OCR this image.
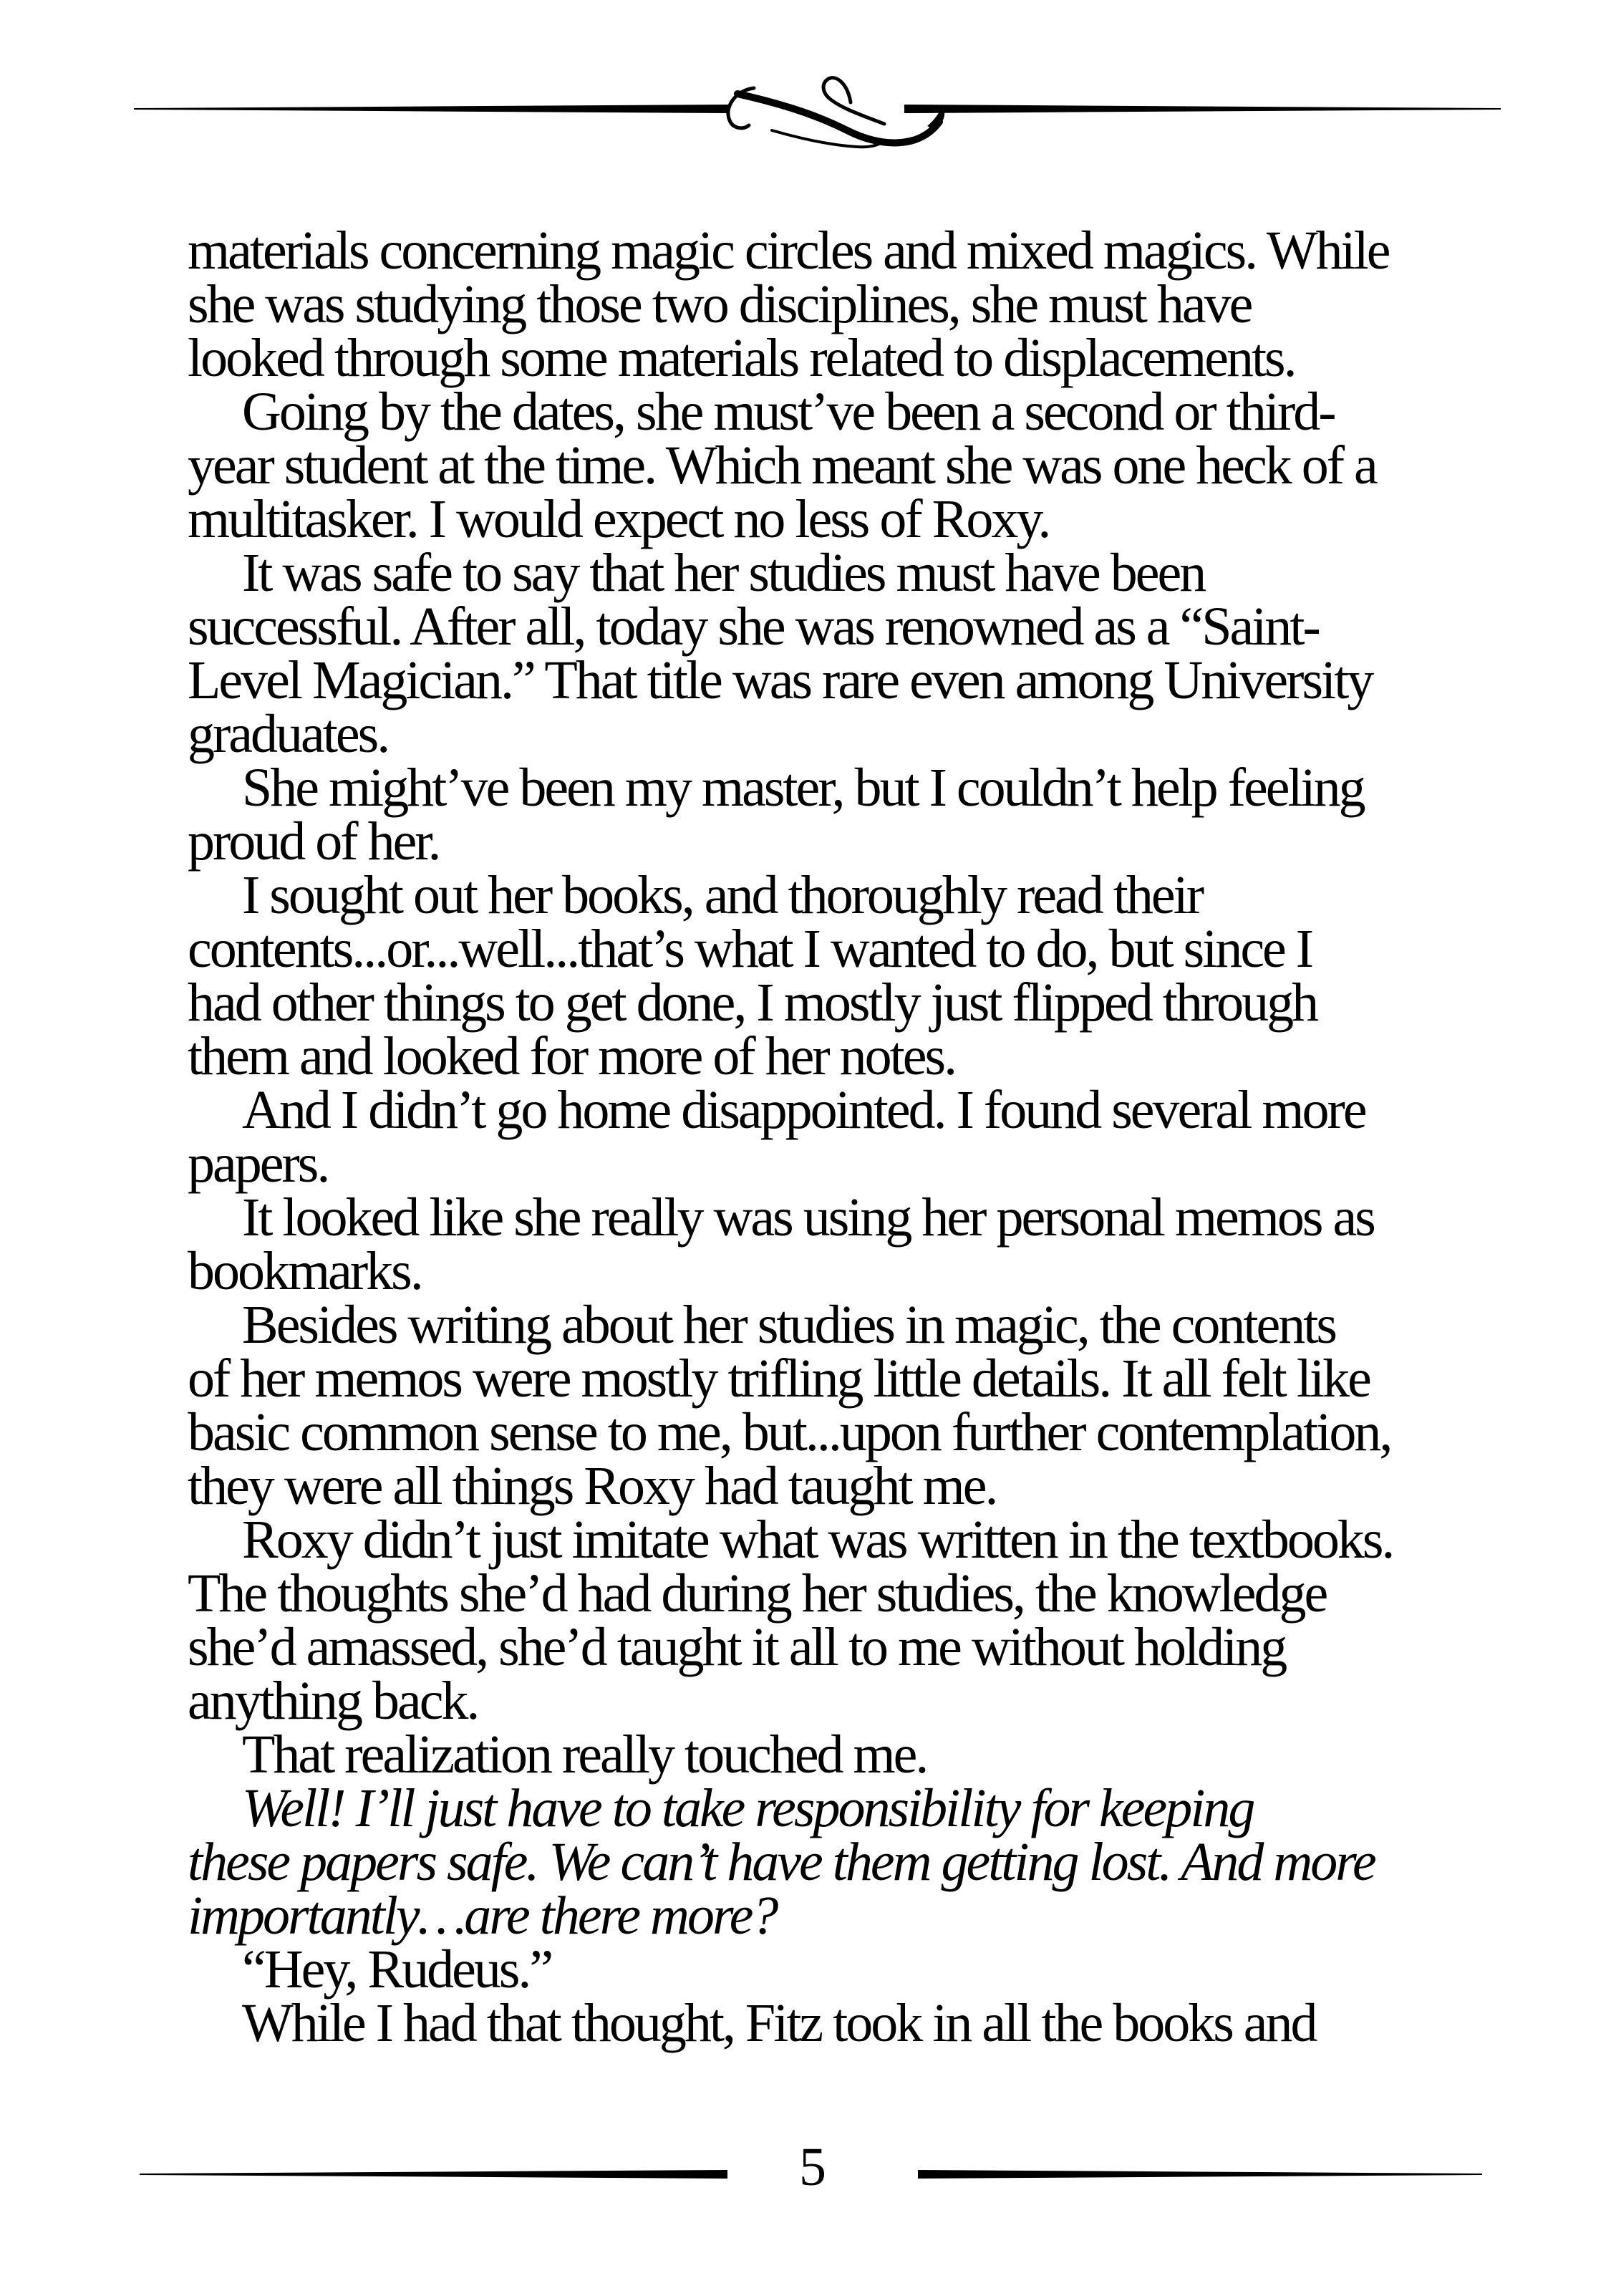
materials concerning magic circles and mixed magics. While
she was studying those two disciplines, she must have
looked through some materials related to displacements.
Going by the dates, she must’ve been a second or third-
year student at the time. Which meant she was one heck of a
multitasker. I would expect no less of Roxy.
It was safe to say that her studies must have been
successful. After all, today she was renowned as a “Saint-
Level Magician.” That title was rare even among University
graduates.
She might’ve been my master, but I couldn’t help feeling
proud of her.
I sought out her books, and thoroughly read their
contents...or...well...that’s what I wanted to do, but since I
had other things to get done, I mostly just flipped through
them and looked for more of her notes.
And I didn’t go home disappointed. I found several more
papers.
It looked like she really was using her personal memos as
bookmarks.
Besides writing about her studies in magic, the contents
of her memos were mostly trifling little details. It all felt like
basic common sense to me, but...upon further contemplation,
they were all things Roxy had taught me.
Roxy didn’t just imitate what was written in the textbooks.
The thoughts she’d had during her studies, the knowledge
she’d amassed, she’d taught it all to me without holding
anything back.
That realization really touched me.
Well! I’ll just have to take responsibility for keeping
these papers safe. We can’t have them getting lost. And more
importantly…are there more?
“Hey, Rudeus.”
While I had that thought, Fitz took in all the books and
5
